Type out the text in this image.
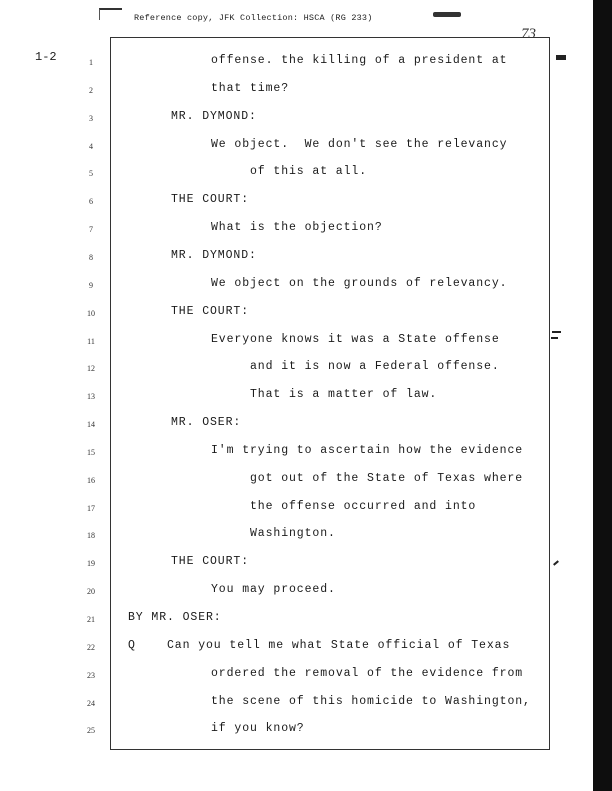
Reference copy, JFK Collection: HSCA (RG 233)
73
1-2	1	offense. the killing of a president at
2	that time?
3	MR. DYMOND:
4	We object.  We don't see the relevancy
5	of this at all.
6	THE COURT:
7	What is the objection?
8	MR. DYMOND:
9	We object on the grounds of relevancy.
10	THE COURT:
11	Everyone knows it was a State offense
12	and it is now a Federal offense.
13	That is a matter of law.
14	MR. OSER:
15	I'm trying to ascertain how the evidence
16	got out of the State of Texas where
17	the offense occurred and into
18	Washington.
19	THE COURT:
20	You may proceed.
21	BY MR. OSER:
22	Q    Can you tell me what State official of Texas
23	ordered the removal of the evidence from
24	the scene of this homicide to Washington,
25	if you know?
